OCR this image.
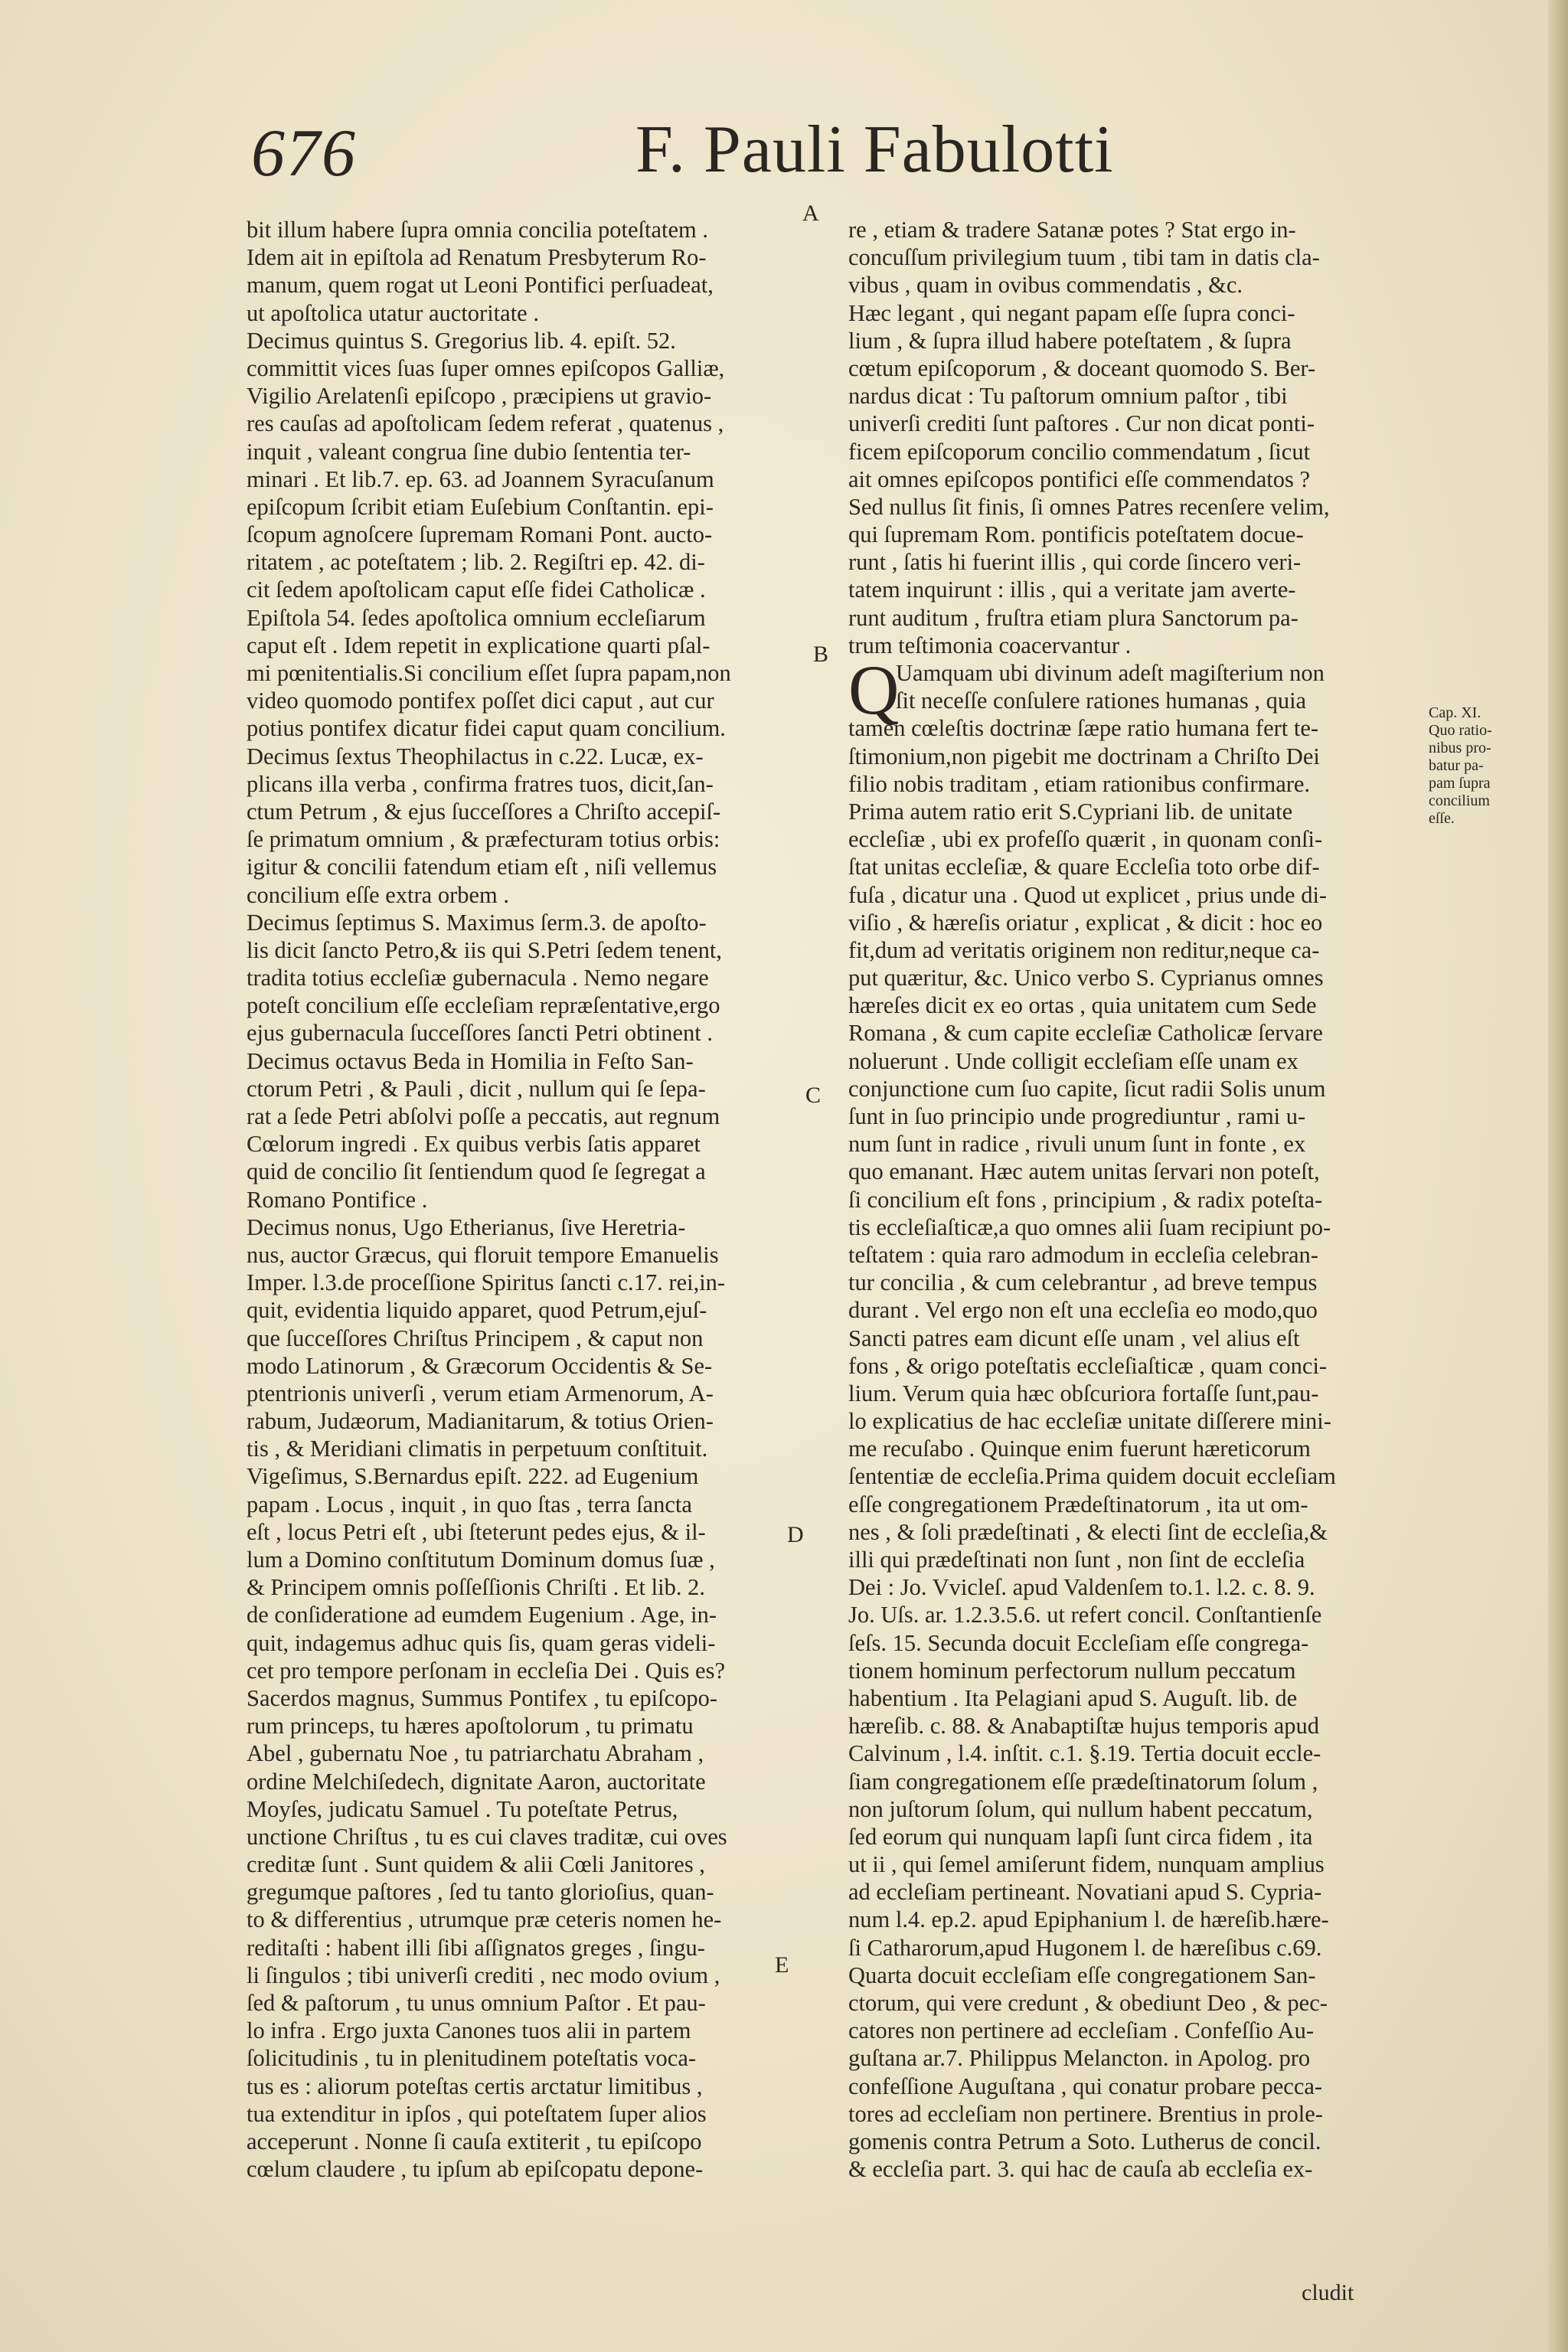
676	F. Pauli Fabulotti
bit illum habere ſupra omnia concilia poteſtatem .
Idem ait in epiſtola ad Renatum Presbyterum Ro-
manum, quem rogat ut Leoni Pontifici perſuadeat,
ut apoſtolica utatur auctoritate .
Decimus quintus S. Gregorius lib. 4. epiſt. 52.
committit vices ſuas ſuper omnes epiſcopos Galliæ,
Vigilio Arelatenſi epiſcopo , præcipiens ut gravio-
res cauſas ad apoſtolicam ſedem referat , quatenus ,
inquit , valeant congrua ſine dubio ſententia ter-
minari . Et lib.7. ep. 63. ad Joannem Syracuſanum
epiſcopum ſcribit etiam Euſebium Conſtantin. epi-
ſcopum agnoſcere ſupremam Romani Pont. aucto-
ritatem , ac poteſtatem ; lib. 2. Regiſtri ep. 42. di-
cit ſedem apoſtolicam caput eſſe fidei Catholicæ .
Epiſtola 54. ſedes apoſtolica omnium eccleſiarum
caput eſt . Idem repetit in explicatione quarti pſal-
mi pœnitentialis.Si concilium eſſet ſupra papam,non
video quomodo pontifex poſſet dici caput , aut cur
potius pontifex dicatur fidei caput quam concilium.
Decimus ſextus Theophilactus in c.22. Lucæ, ex-
plicans illa verba , confirma fratres tuos, dicit,ſan-
ctum Petrum , & ejus ſucceſſores a Chriſto accepiſ-
ſe primatum omnium , & præfecturam totius orbis:
igitur & concilii fatendum etiam eſt , niſi vellemus
concilium eſſe extra orbem .
Decimus ſeptimus S. Maximus ſerm.3. de apoſto-
lis dicit ſancto Petro,& iis qui S.Petri ſedem tenent,
tradita totius eccleſiæ gubernacula . Nemo negare
poteſt concilium eſſe eccleſiam repræſentative,ergo
ejus gubernacula ſucceſſores ſancti Petri obtinent .
Decimus octavus Beda in Homilia in Feſto San-
ctorum Petri , & Pauli , dicit , nullum qui ſe ſepa-
rat a ſede Petri abſolvi poſſe a peccatis, aut regnum
Cœlorum ingredi . Ex quibus verbis ſatis apparet
quid de concilio ſit ſentiendum quod ſe ſegregat a
Romano Pontifice .
Decimus nonus, Ugo Etherianus, ſive Heretria-
nus, auctor Græcus, qui floruit tempore Emanuelis
Imper. l.3.de proceſſione Spiritus ſancti c.17. rei,in-
quit, evidentia liquido apparet, quod Petrum,ejuſ-
que ſucceſſores Chriſtus Principem , & caput non
modo Latinorum , & Græcorum Occidentis & Se-
ptentrionis univerſi , verum etiam Armenorum, A-
rabum, Judæorum, Madianitarum, & totius Orien-
tis , & Meridiani climatis in perpetuum conſtituit.
Vigeſimus, S.Bernardus epiſt. 222. ad Eugenium
papam . Locus , inquit , in quo ſtas , terra ſancta
eſt , locus Petri eſt , ubi ſteterunt pedes ejus, & il-
lum a Domino conſtitutum Dominum domus ſuæ ,
& Principem omnis poſſeſſionis Chriſti . Et lib. 2.
de conſideratione ad eumdem Eugenium . Age, in-
quit, indagemus adhuc quis ſis, quam geras videli-
cet pro tempore perſonam in eccleſia Dei . Quis es?
Sacerdos magnus, Summus Pontifex , tu epiſcopo-
rum princeps, tu hæres apoſtolorum , tu primatu
Abel , gubernatu Noe , tu patriarchatu Abraham ,
ordine Melchiſedech, dignitate Aaron, auctoritate
Moyſes, judicatu Samuel . Tu poteſtate Petrus,
unctione Chriſtus , tu es cui claves traditæ, cui oves
creditæ ſunt . Sunt quidem & alii Cœli Janitores ,
gregumque paſtores , ſed tu tanto glorioſius, quan-
to & differentius , utrumque præ ceteris nomen he-
reditaſti : habent illi ſibi aſſignatos greges , ſingu-
li ſingulos ; tibi univerſi crediti , nec modo ovium ,
ſed & paſtorum , tu unus omnium Paſtor . Et pau-
lo infra . Ergo juxta Canones tuos alii in partem
ſolicitudinis , tu in plenitudinem poteſtatis voca-
tus es : aliorum poteſtas certis arctatur limitibus ,
tua extenditur in ipſos , qui poteſtatem ſuper alios
acceperunt . Nonne ſi cauſa extiterit , tu epiſcopo
cœlum claudere , tu ipſum ab epiſcopatu depone-
re , etiam & tradere Satanæ potes ? Stat ergo in-
concuſſum privilegium tuum , tibi tam in datis cla-
vibus , quam in ovibus commendatis , &c.
Hæc legant , qui negant papam eſſe ſupra conci-
lium , & ſupra illud habere poteſtatem , & ſupra
cœtum epiſcoporum , & doceant quomodo S. Ber-
nardus dicat : Tu paſtorum omnium paſtor , tibi
univerſi crediti ſunt paſtores . Cur non dicat ponti-
ficem epiſcoporum concilio commendatum , ſicut
ait omnes epiſcopos pontifici eſſe commendatos ?
Sed nullus ſit finis, ſi omnes Patres recenſere velim,
qui ſupremam Rom. pontificis poteſtatem docue-
runt , ſatis hi fuerint illis , qui corde ſincero veri-
tatem inquirunt : illis , qui a veritate jam averte-
runt auditum , fruſtra etiam plura Sanctorum pa-
trum teſtimonia coacervantur .
Q
Uamquam ubi divinum adeſt magiſterium non
ſit neceſſe conſulere rationes humanas , quia
tamen cœleſtis doctrinæ ſæpe ratio humana fert te-
ſtimonium,non pigebit me doctrinam a Chriſto Dei
filio nobis traditam , etiam rationibus confirmare.
Prima autem ratio erit S.Cypriani lib. de unitate
eccleſiæ , ubi ex profeſſo quærit , in quonam conſi-
ſtat unitas eccleſiæ, & quare Eccleſia toto orbe dif-
fuſa , dicatur una . Quod ut explicet , prius unde di-
viſio , & hæreſis oriatur , explicat , & dicit : hoc eo
fit,dum ad veritatis originem non reditur,neque ca-
put quæritur, &c. Unico verbo S. Cyprianus omnes
hæreſes dicit ex eo ortas , quia unitatem cum Sede
Romana , & cum capite eccleſiæ Catholicæ ſervare
noluerunt . Unde colligit eccleſiam eſſe unam ex
conjunctione cum ſuo capite, ſicut radii Solis unum
ſunt in ſuo principio unde progrediuntur , rami u-
num ſunt in radice , rivuli unum ſunt in fonte , ex
quo emanant. Hæc autem unitas ſervari non poteſt,
ſi concilium eſt fons , principium , & radix poteſta-
tis eccleſiaſticæ,a quo omnes alii ſuam recipiunt po-
teſtatem : quia raro admodum in eccleſia celebran-
tur concilia , & cum celebrantur , ad breve tempus
durant . Vel ergo non eſt una eccleſia eo modo,quo
Sancti patres eam dicunt eſſe unam , vel alius eſt
fons , & origo poteſtatis eccleſiaſticæ , quam conci-
lium. Verum quia hæc obſcuriora fortaſſe ſunt,pau-
lo explicatius de hac eccleſiæ unitate diſſerere mini-
me recuſabo . Quinque enim fuerunt hæreticorum
ſententiæ de eccleſia.Prima quidem docuit eccleſiam
eſſe congregationem Prædeſtinatorum , ita ut om-
nes , & ſoli prædeſtinati , & electi ſint de eccleſia,&
illi qui prædeſtinati non ſunt , non ſint de eccleſia
Dei : Jo. Vvicleſ. apud Valdenſem to.1. l.2. c. 8. 9.
Jo. Uſs. ar. 1.2.3.5.6. ut refert concil. Conſtantienſe
ſeſs. 15. Secunda docuit Eccleſiam eſſe congrega-
tionem hominum perfectorum nullum peccatum
habentium . Ita Pelagiani apud S. Auguſt. lib. de
hæreſib. c. 88. & Anabaptiſtæ hujus temporis apud
Calvinum , l.4. inſtit. c.1. §.19. Tertia docuit eccle-
ſiam congregationem eſſe prædeſtinatorum ſolum ,
non juſtorum ſolum, qui nullum habent peccatum,
ſed eorum qui nunquam lapſi ſunt circa fidem , ita
ut ii , qui ſemel amiſerunt fidem, nunquam amplius
ad eccleſiam pertineant. Novatiani apud S. Cypria-
num l.4. ep.2. apud Epiphanium l. de hæreſib.hære-
ſi Catharorum,apud Hugonem l. de hæreſibus c.69.
Quarta docuit eccleſiam eſſe congregationem San-
ctorum, qui vere credunt , & obediunt Deo , & pec-
catores non pertinere ad eccleſiam . Confeſſio Au-
guſtana ar.7. Philippus Melancton. in Apolog. pro
confeſſione Auguſtana , qui conatur probare pecca-
tores ad eccleſiam non pertinere. Brentius in prole-
gomenis contra Petrum a Soto. Lutherus de concil.
& eccleſia part. 3. qui hac de cauſa ab eccleſia ex-
A
B
C
D
E
Cap. XI.
Quo ratio-
nibus pro-
batur pa-
pam ſupra
concilium
eſſe.
cludit
